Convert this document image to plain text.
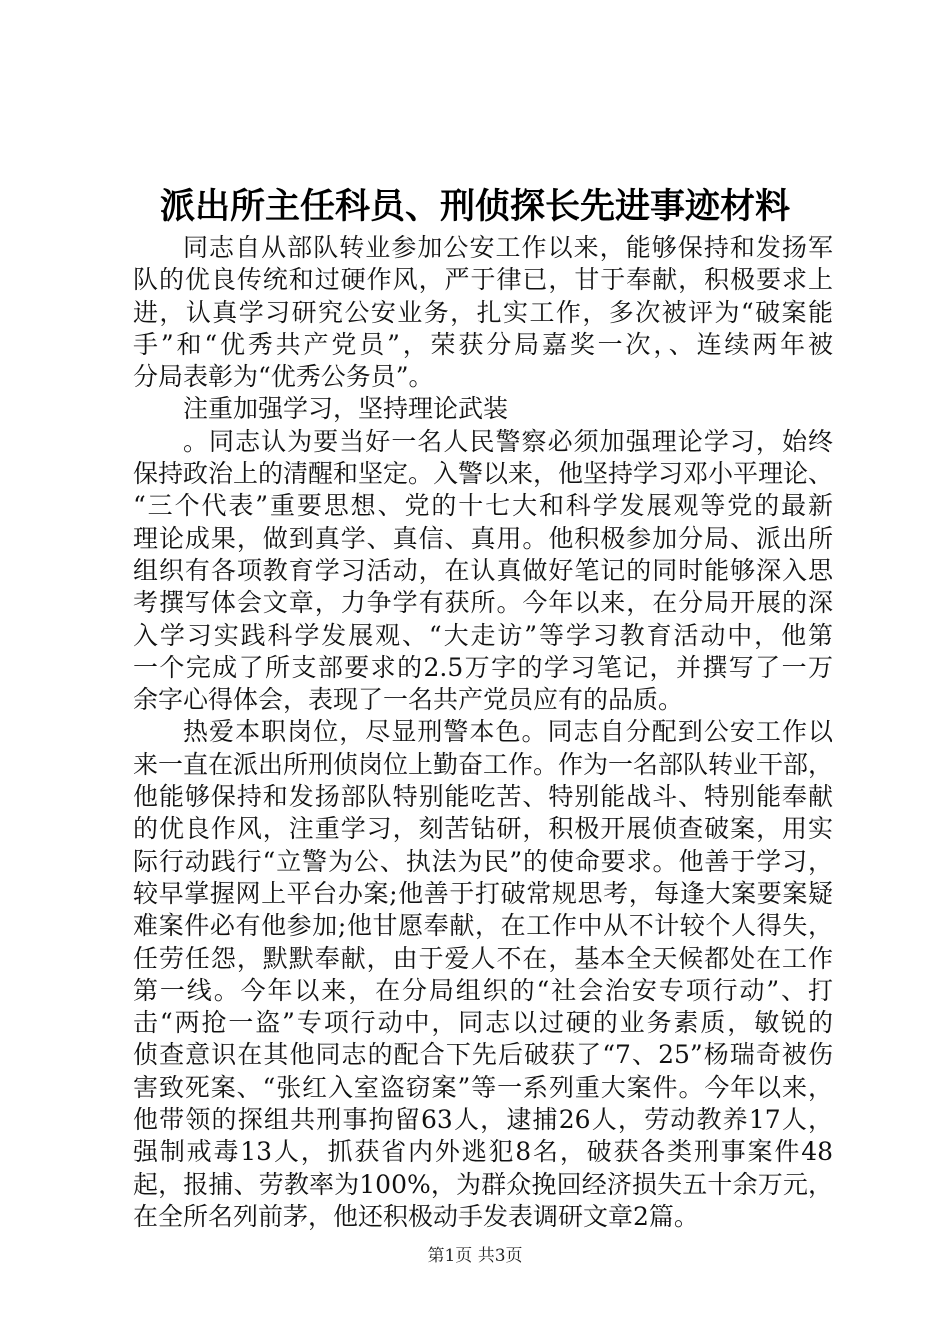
派出所主任科员、刑侦探长先进事迹材料
同志自从部队转业参加公安工作以来，能够保持和发扬军
队的优良传统和过硬作风，严于律已，甘于奉献，积极要求上
进，认真学习研究公安业务，扎实工作，多次被评为“破案能
手”和“优秀共产党员”，荣获分局嘉奖一次，、连续两年被
分局表彰为“优秀公务员”。
注重加强学习，坚持理论武装
。同志认为要当好一名人民警察必须加强理论学习，始终
保持政治上的清醒和坚定。入警以来，他坚持学习邓小平理论、
“三个代表”重要思想、党的十七大和科学发展观等党的最新
理论成果，做到真学、真信、真用。他积极参加分局、派出所
组织有各项教育学习活动，在认真做好笔记的同时能够深入思
考撰写体会文章，力争学有获所。今年以来，在分局开展的深
入学习实践科学发展观、“大走访”等学习教育活动中，他第
一个完成了所支部要求的2.5万字的学习笔记，并撰写了一万
余字心得体会，表现了一名共产党员应有的品质。
热爱本职岗位，尽显刑警本色。同志自分配到公安工作以
来一直在派出所刑侦岗位上勤奋工作。作为一名部队转业干部，
他能够保持和发扬部队特别能吃苦、特别能战斗、特别能奉献
的优良作风，注重学习，刻苦钻研，积极开展侦查破案，用实
际行动践行“立警为公、执法为民”的使命要求。他善于学习，
较早掌握网上平台办案;他善于打破常规思考，每逢大案要案疑
难案件必有他参加;他甘愿奉献，在工作中从不计较个人得失，
任劳任怨，默默奉献，由于爱人不在，基本全天候都处在工作
第一线。今年以来，在分局组织的“社会治安专项行动”、打
击“两抢一盗”专项行动中，同志以过硬的业务素质，敏锐的
侦查意识在其他同志的配合下先后破获了“7、25”杨瑞奇被伤
害致死案、“张红入室盗窃案”等一系列重大案件。今年以来，
他带领的探组共刑事拘留63人，逮捕26人，劳动教养17人，
强制戒毒13人，抓获省内外逃犯8名，破获各类刑事案件48
起，报捕、劳教率为100%，为群众挽回经济损失五十余万元，
在全所名列前茅，他还积极动手发表调研文章2篇。
第1页 共3页
